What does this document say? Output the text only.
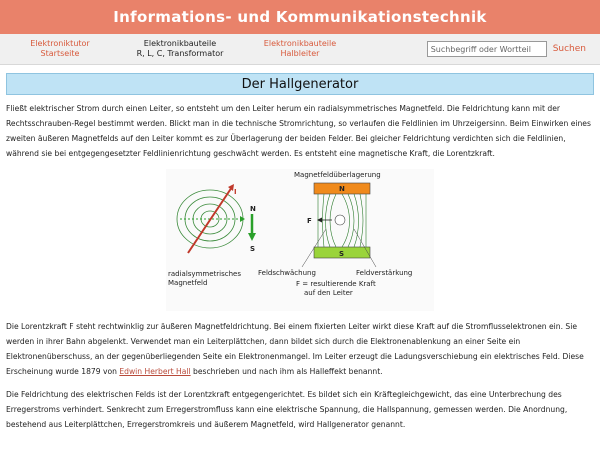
Informations- und Kommunikationstechnik
Elektroniktutor
Startseite
Elektronikbauteile
R, L, C, Transformator
Elektronikbauteile
Halbleiter
Suchbegriff oder Wortteil	Suchen
Der Hallgenerator

Fließt elektrischer Strom durch einen Leiter, so entsteht um den Leiter herum ein radialsymmetrisches Magnetfeld. Die Feldrichtung kann mit der Rechtsschrauben-Regel bestimmt werden. Blickt man in die technische Stromrichtung, so verlaufen die Feldlinien im Uhrzeigersinn. Beim Einwirken eines zweiten äußeren Magnetfelds auf den Leiter kommt es zur Überlagerung der beiden Felder. Bei gleicher Feldrichtung verdichten sich die Feldlinien, während sie bei entgegengesetzter Feldlinienrichtung geschwächt werden. Es entsteht eine magnetische Kraft, die Lorentzkraft.

I
N
S
radialsymmetrisches
Magnetfeld
Magnetfeldüberlagerung
N
S
F
Feldschwächung	Feldverstärkung
F = resultierende Kraft
auf den Leiter

Die Lorentzkraft F steht rechtwinklig zur äußeren Magnetfeldrichtung. Bei einem fixierten Leiter wirkt diese Kraft auf die Stromflusselektronen ein. Sie werden in ihrer Bahn abgelenkt. Verwendet man ein Leiterplättchen, dann bildet sich durch die Elektronenablenkung an einer Seite ein Elektronenüberschuss, an der gegenüberliegenden Seite ein Elektronenmangel. Im Leiter erzeugt die Ladungsverschiebung ein elektrisches Feld. Diese Erscheinung wurde 1879 von Edwin Herbert Hall beschrieben und nach ihm als Halleffekt benannt.

Die Feldrichtung des elektrischen Felds ist der Lorentzkraft entgegengerichtet. Es bildet sich ein Kräftegleichgewicht, das eine Unterbrechung des Erregerstroms verhindert. Senkrecht zum Erregerstromfluss kann eine elektrische Spannung, die Hallspannung, gemessen werden. Die Anordnung, bestehend aus Leiterplättchen, Erregerstromkreis und äußerem Magnetfeld, wird Hallgenerator genannt.
